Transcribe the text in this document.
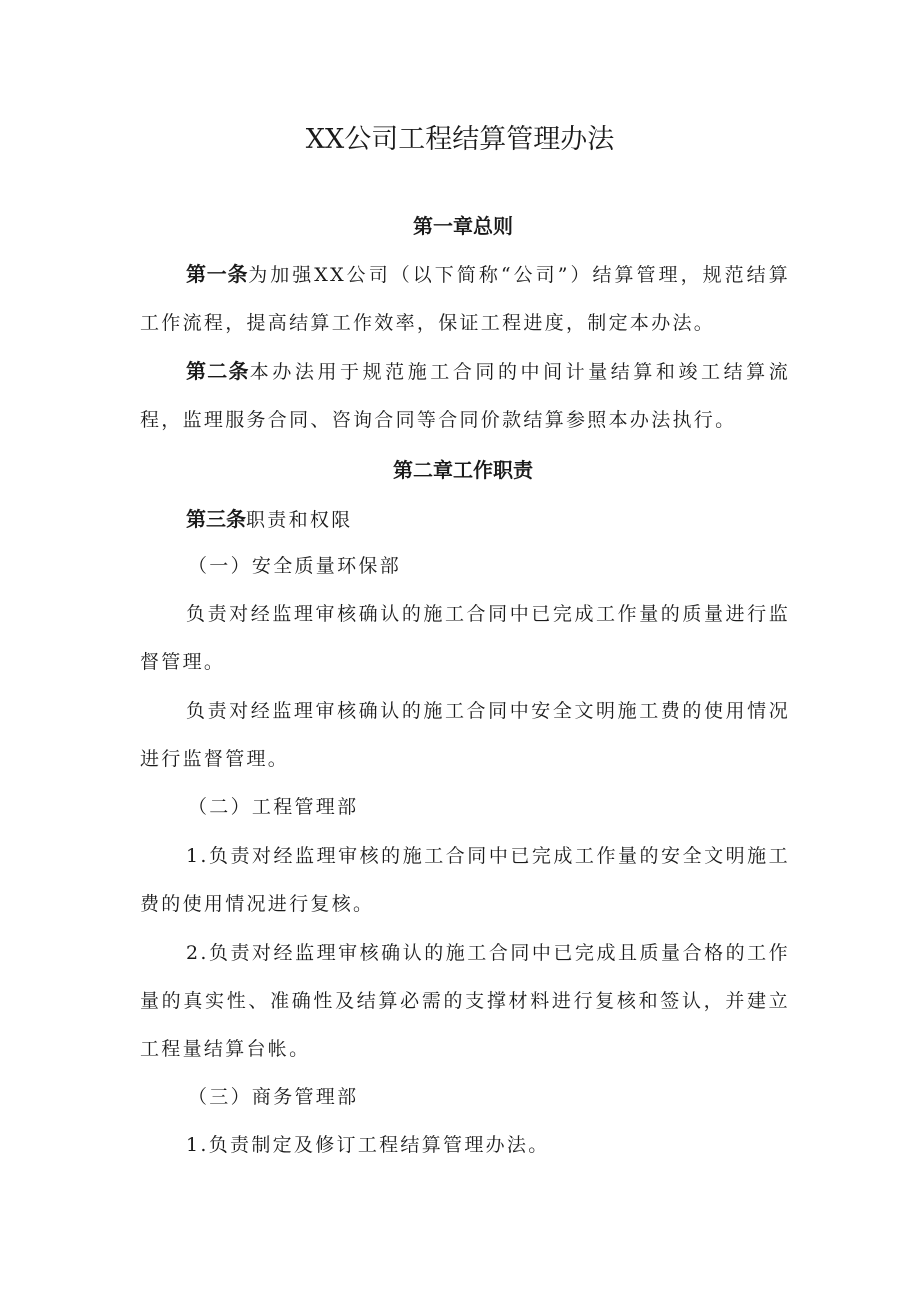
XX公司工程结算管理办法
第一章总则
第一条为加强XX公司（以下简称“公司”）结算管理，规范结算工作流程，提高结算工作效率，保证工程进度，制定本办法。
第二条本办法用于规范施工合同的中间计量结算和竣工结算流程，监理服务合同、咨询合同等合同价款结算参照本办法执行。
第二章工作职责
第三条职责和权限
（一）安全质量环保部
负责对经监理审核确认的施工合同中已完成工作量的质量进行监督管理。
负责对经监理审核确认的施工合同中安全文明施工费的使用情况进行监督管理。
（二）工程管理部
1.负责对经监理审核的施工合同中已完成工作量的安全文明施工费的使用情况进行复核。
2.负责对经监理审核确认的施工合同中已完成且质量合格的工作量的真实性、准确性及结算必需的支撑材料进行复核和签认，并建立工程量结算台帐。
（三）商务管理部
1.负责制定及修订工程结算管理办法。
